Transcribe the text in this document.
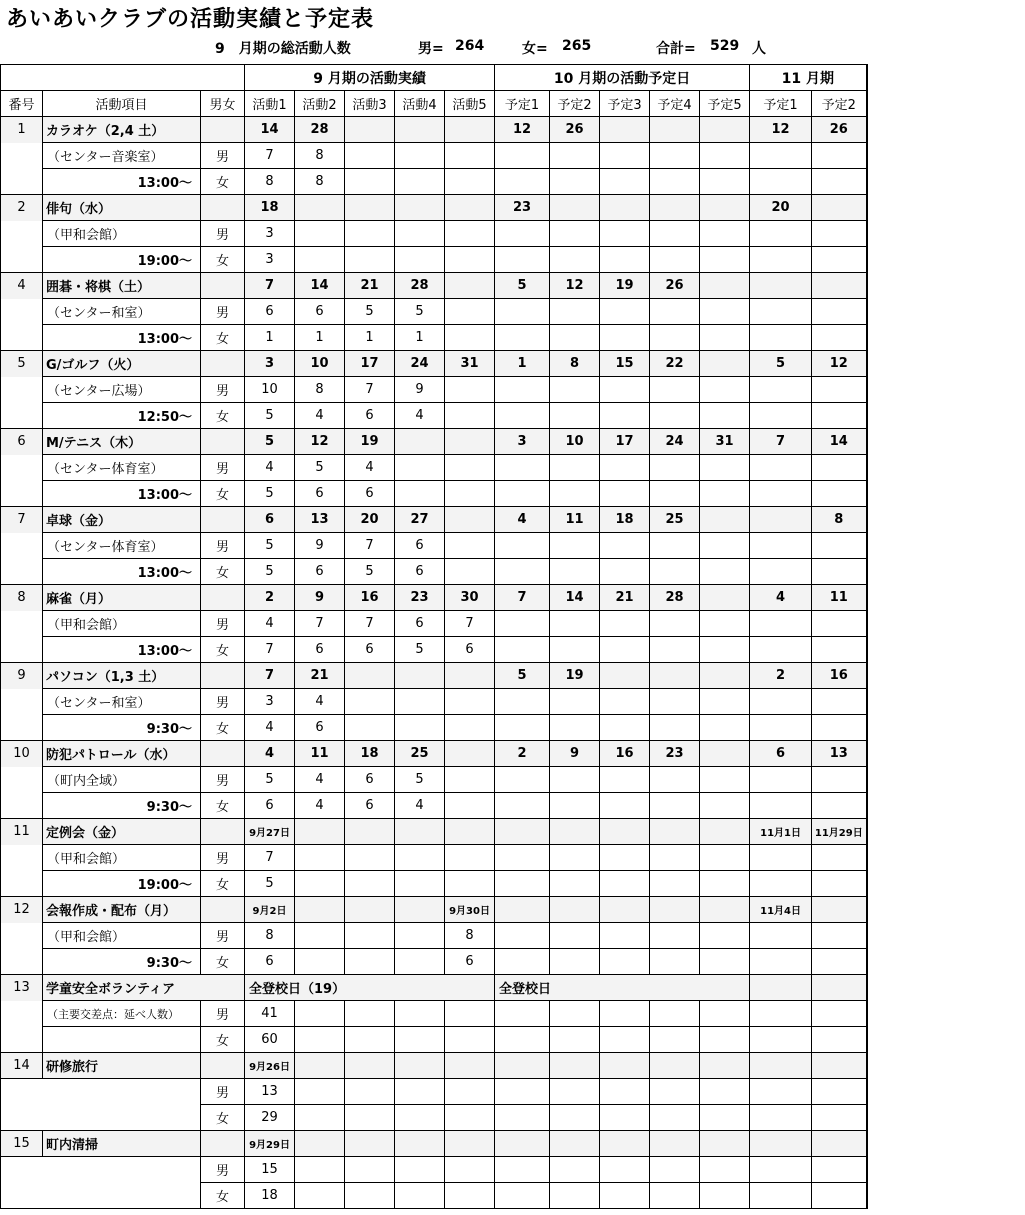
あいあいクラブの活動実績と予定表
9　月期の総活動人数	男= 264	女= 265	合計= 529 人
			9 月期の活動実績					10 月期の活動予定日					11 月期	
番号	活動項目	男女	活動1	活動2	活動3	活動4	活動5	予定1	予定2	予定3	予定4	予定5	予定1	予定2
1	カラオケ（2,4 土）		14	28				12	26				12	26
	（センター音楽室）	男	7	8										
	13:00～	女	8	8										
2	俳句（水）		18					23					20	
	（甲和会館）	男	3											
	19:00～	女	3											
4	囲碁・将棋（土）		7	14	21	28		5	12	19	26			
	（センター和室）	男	6	6	5	5								
	13:00～	女	1	1	1	1								
5	G/ゴルフ（火）		3	10	17	24	31	1	8	15	22		5	12
	（センター広場）	男	10	8	7	9								
	12:50～	女	5	4	6	4								
6	M/テニス（木）		5	12	19			3	10	17	24	31	7	14
	（センター体育室）	男	4	5	4									
	13:00～	女	5	6	6									
7	卓球（金）		6	13	20	27		4	11	18	25			8
	（センター体育室）	男	5	9	7	6								
	13:00～	女	5	6	5	6								
8	麻雀（月）		2	9	16	23	30	7	14	21	28		4	11
	（甲和会館）	男	4	7	7	6	7							
	13:00～	女	7	6	6	5	6							
9	パソコン（1,3 土）		7	21				5	19				2	16
	（センター和室）	男	3	4										
	9:30～	女	4	6										
10	防犯パトロール（水）		4	11	18	25		2	9	16	23		6	13
	（町内全域）	男	5	4	6	5								
	9:30～	女	6	4	6	4								
11	定例会（金）		9月27日										11月1日	11月29日
	（甲和会館）	男	7											
	19:00～	女	5											
12	会報作成・配布（月）		9月2日				9月30日						11月4日	
	（甲和会館）	男	8				8							
	9:30～	女	6				6							
13	学童安全ボランティア		全登校日（19）					全登校日						
	（主要交差点：延べ人数）	男	41											
		女	60											
14	研修旅行		9月26日											
		男	13											
		女	29											
15	町内清掃		9月29日											
		男	15											
		女	18											
